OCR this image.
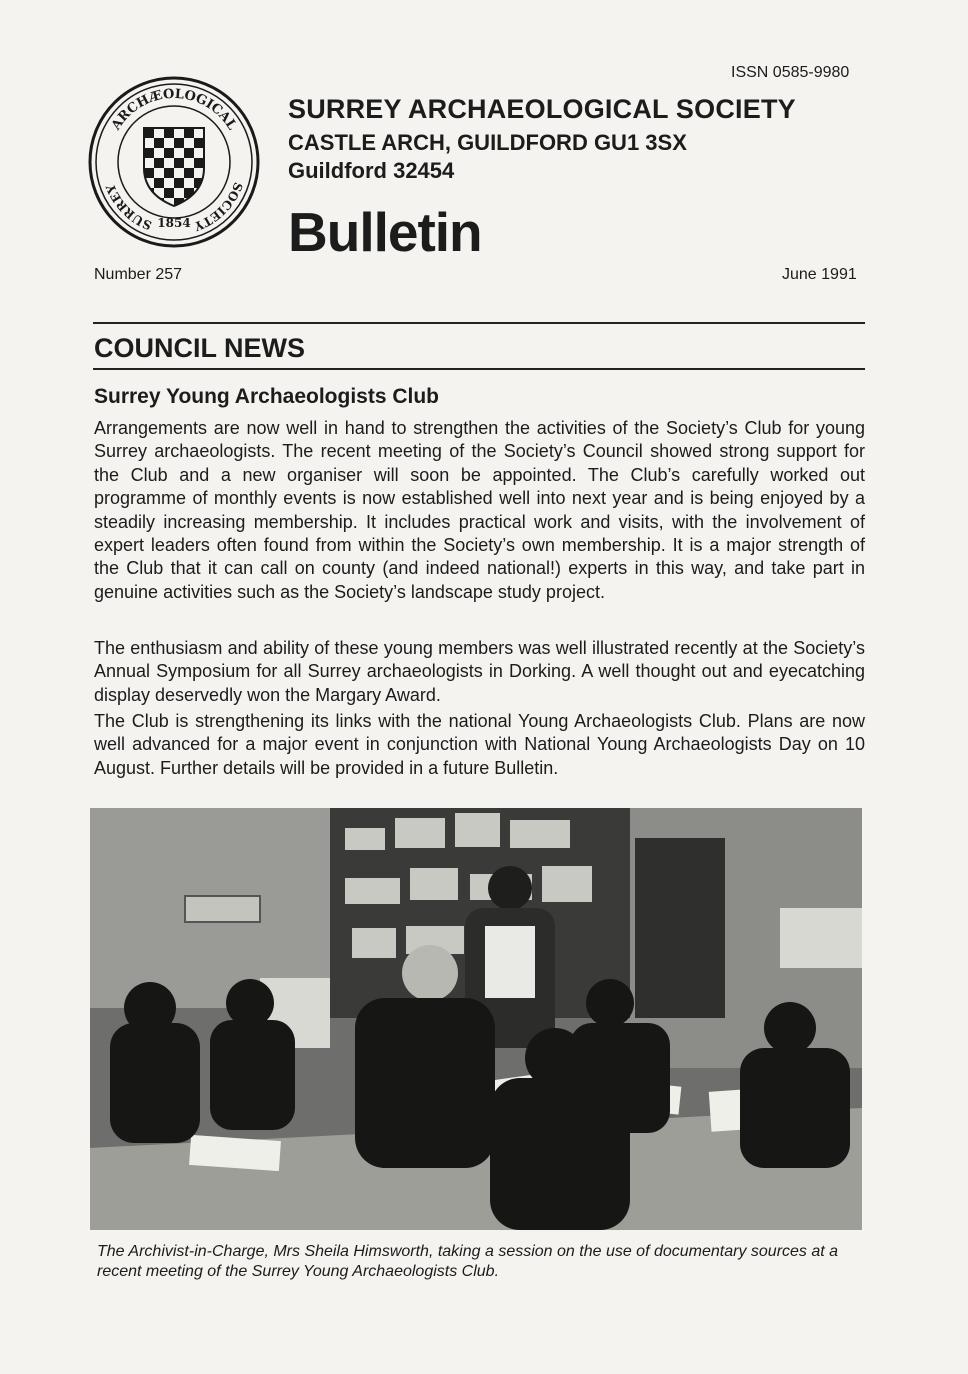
ISSN 0585-9980
ARCHÆOLOGICAL
SURREY	SOCIETY
1854
SURREY ARCHAEOLOGICAL SOCIETY
CASTLE ARCH, GUILDFORD GU1 3SX
Guildford 32454
Bulletin
Number 257	June 1991
COUNCIL NEWS
Surrey Young Archaeologists Club

Arrangements are now well in hand to strengthen the activities of the Society’s Club for young Surrey archaeologists. The recent meeting of the Society’s Council showed strong support for the Club and a new organiser will soon be appointed. The Club’s carefully worked out programme of monthly events is now established well into next year and is being enjoyed by a steadily increasing membership. It includes practical work and visits, with the involvement of expert leaders often found from within the Society’s own membership. It is a major strength of the Club that it can call on county (and indeed national!) experts in this way, and take part in genuine activities such as the Society’s landscape study project.

The enthusiasm and ability of these young members was well illustrated recently at the Society’s Annual Symposium for all Surrey archaeologists in Dorking. A well thought out and eyecatching display deservedly won the Margary Award.

The Club is strengthening its links with the national Young Archaeologists Club. Plans are now well advanced for a major event in conjunction with National Young Archaeologists Day on 10 August. Further details will be provided in a future Bulletin.

The Archivist-in-Charge, Mrs Sheila Himsworth, taking a session on the use of documentary sources at a recent meeting of the Surrey Young Archaeologists Club.
